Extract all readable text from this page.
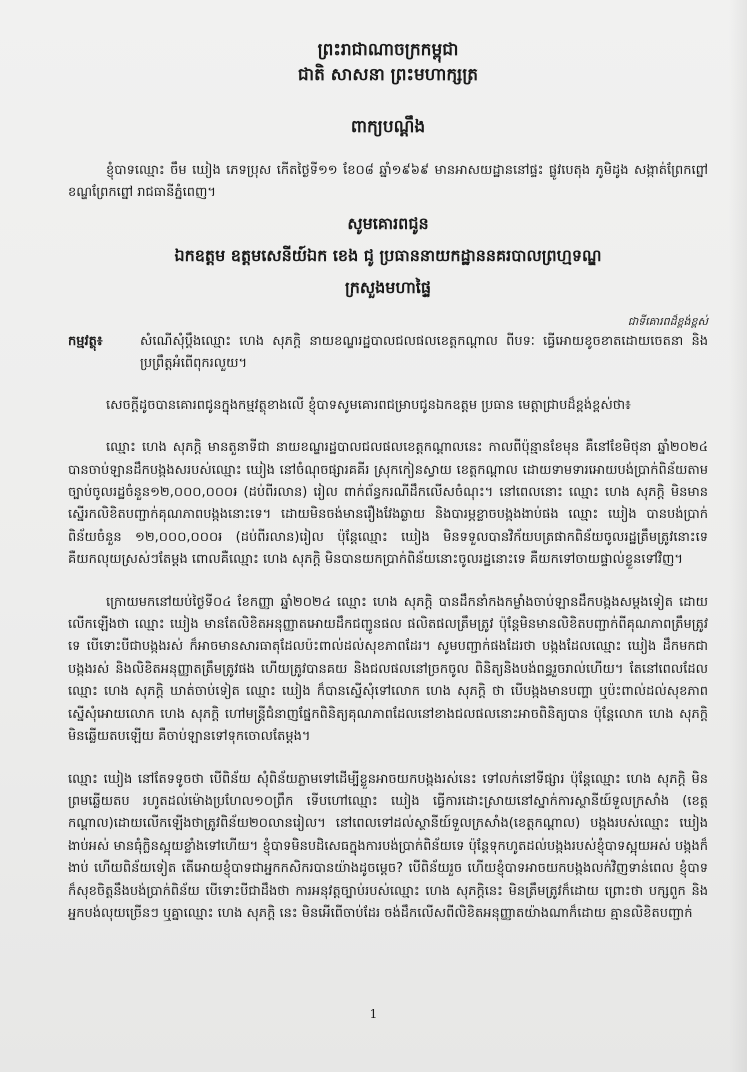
ព្រះរាជាណាចក្រកម្ពុជា
ជាតិ សាសនា ព្រះមហាក្សត្រ
ពាក្យបណ្ដឹង
ខ្ញុំបាទឈ្មោះ ចឹម ឃៀង ភេទប្រុស កើតថ្ងៃទី១១ ខែ០៨ ឆ្នាំ១៩៦៩ មានអាសយដ្ឋាននៅផ្ទះ ផ្លូវបេតុង ភូមិដូង សង្កាត់ព្រែកព្នៅ ខណ្ឌព្រែកព្នៅ រាជធានីភ្នំពេញ។
សូមគោរពជូន
ឯកឧត្ដម ឧត្ដមសេនីយ៍ឯក ខេង ជូ ប្រធាននាយកដ្ឋាននគរបាលព្រហ្មទណ្ឌ
ក្រសួងមហាផ្ទៃ
ជាទីគោរពដ៏ខ្ពង់ខ្ពស់
កម្មវត្ថុ៖	សំណើសុំប្ដឹងឈ្មោះ ហេង សុភក្ដិ នាយខណ្ឌរដ្ឋបាលជលផលខេត្តកណ្ដាល ពីបទៈ ធ្វើអោយខូចខាតដោយចេតនា និងប្រព្រឹត្តអំពើពុករលួយ។
សេចក្ដីដូចបានគោរពជូនក្នុងកម្មវត្ថុខាងលើ ខ្ញុំបាទសូមគោរពជម្រាបជូនឯកឧត្ដម ប្រធាន មេត្តាជ្រាបដ៏ខ្ពង់ខ្ពស់ថា៖
ឈ្មោះ ហេង សុភក្ដិ មានតួនាទីជា នាយខណ្ឌរដ្ឋបាលជលផលខេត្តកណ្ដាលនេះ កាលពីប៉ុន្មានខែមុន គឺនៅខែមិថុនា ឆ្នាំ២០២៤ បានចាប់ឡានដឹកបង្កងសរបស់ឈ្មោះ ឃៀង នៅចំណុចផ្សារគគីរ ស្រុកកៀនស្វាយ ខេត្តកណ្ដាល ដោយទាមទារអោយបង់ប្រាក់ពិន័យតាមច្បាប់ចូលរដ្ឋចំនួន១២,០០០,០០០៛ (ដប់ពីរលាន) រៀល ពាក់ព័ន្ធករណីដឹកលើសចំណុះ។ នៅពេលនោះ ឈ្មោះ ហេង សុភក្ដិ មិនមានស្នើរកលិខិតបញ្ជាក់គុណភាពបង្កងនោះទេ។ ដោយមិនចង់មានរឿងវែងឆ្ងាយ និងបារម្ភខ្លាចបង្កងងាប់ផង ឈ្មោះ ឃៀង បានបង់ប្រាក់ពិន័យចំនួន ១២,០០០,០០០៛ (ដប់ពីរលាន)រៀល ប៉ុន្តែឈ្មោះ ឃៀង មិនទទួលបានវិក័យបត្រផាកពិន័យចូលរដ្ឋត្រឹមត្រូវនោះទេ គឺយកលុយស្រស់ៗតែម្ដង ពោលគឺឈ្មោះ ហេង សុភក្ដិ មិនបានយកប្រាក់ពិន័យនោះចូលរដ្ឋនោះទេ គឺយកទៅចាយផ្ទាល់ខ្លួនទៅវិញ។
ក្រោយមកនៅយប់ថ្ងៃទី០៤ ខែកញ្ញា ឆ្នាំ២០២៤ ឈ្មោះ ហេង សុភក្ដិ បានដឹកនាំកងកម្លាំងចាប់ឡានដឹកបង្កងសម្ដងទៀត ដោយលើកឡើងថា ឈ្មោះ ឃៀង មានតែលិខិតអនុញ្ញាតអោយដឹកជញ្ជូនផល ផលិតផលត្រឹមត្រូវ ប៉ុន្តែមិនមានលិខិតបញ្ជាក់ពីគុណភាពត្រឹមត្រូវទេ បើទោះបីជាបង្កងរស់ ក៏អាចមានសារធាតុដែលប៉ះពាល់ដល់សុខភាពដែរ។ សូមបញ្ជាក់ផងដែរថា បង្កងដែលឈ្មោះ ឃៀង ដឹកមកជា បង្កងរស់ និងលិខិតអនុញ្ញាតត្រឹមត្រូវផង ហើយត្រូវបានគយ និងជលផលនៅច្រកចូល ពិនិត្យនិងបង់ពន្ធរួចរាល់ហើយ។ តែនៅពេលដែលឈ្មោះ ហេង សុភក្ដិ ឃាត់ចាប់ទៀត ឈ្មោះ ឃៀង ក៏បានស្នើសុំទៅលោក ហេង សុភក្ដិ ថា បើបង្កងមានបញ្ហា ឬប៉ះពាល់ដល់សុខភាព ស្នើសុំអោយលោក ហេង សុភក្ដិ ហៅមន្ត្រីជំនាញផ្នែកពិនិត្យគុណភាពដែលនៅខាងជលផលនោះអាចពិនិត្យបាន ប៉ុន្តែលោក ហេង សុភក្ដិ មិនឆ្លើយតបឡើយ គឺចាប់ឡានទៅទុកចោលតែម្ដង។
ឈ្មោះ ឃៀង នៅតែទទូចថា បើពិន័យ សុំពិន័យភ្លាមទៅដើម្បីខ្លួនអាចយកបង្កងរស់នេះ ទៅលក់នៅទីផ្សារ ប៉ុន្តែឈ្មោះ ហេង សុភក្ដិ មិនព្រមឆ្លើយតប រហូតដល់ម៉ោងប្រហែល១០ព្រឹក ទើបហៅឈ្មោះ ឃៀង ធ្វើការដោះស្រាយនៅស្នាក់ការស្ថានីយ៍ទួលក្រសាំង (ខេត្តកណ្ដាល)ដោយលើកឡើងថាត្រូវពិន័យ២០លានរៀល។ នៅពេលទៅដល់ស្ថានីយ៍ទួលក្រសាំង(ខេត្តកណ្ដាល) បង្កងរបស់ឈ្មោះ ឃៀង ងាប់អស់ មានធុំក្លិនស្អុយខ្លាំងទៅហើយ។ ខ្ញុំបាទមិនបដិសេធក្នុងការបង់ប្រាក់ពិន័យទេ ប៉ុន្តែទុកហូតដល់បង្កងរបស់ខ្ញុំបាទស្អុយអស់ បង្កងក៏ងាប់ ហើយពិន័យទៀត តើអោយខ្ញុំបាទជាអ្នកកសិករបានយ៉ាងដូចម្ដេច? បើពិន័យរួច ហើយខ្ញុំបាទអាចយកបង្កងលក់វិញទាន់ពេល ខ្ញុំបាទក៏សុខចិត្តនឹងបង់ប្រាក់ពិន័យ បើទោះបីជាដឹងថា ការអនុវត្តច្បាប់របស់ឈ្មោះ ហេង សុភក្ដិនេះ មិនត្រឹមត្រូវក៏ដោយ ព្រោះថា បក្សពួក និងអ្នកបង់លុយច្រើនៗ ឬគ្នាឈ្មោះ ហេង សុភក្ដិ នេះ មិនអើពើចាប់ដែរ ចង់ដឹកលើសពីលិខិតអនុញ្ញាតយ៉ាងណាក៏ដោយ គ្មានលិខិតបញ្ជាក់
1
